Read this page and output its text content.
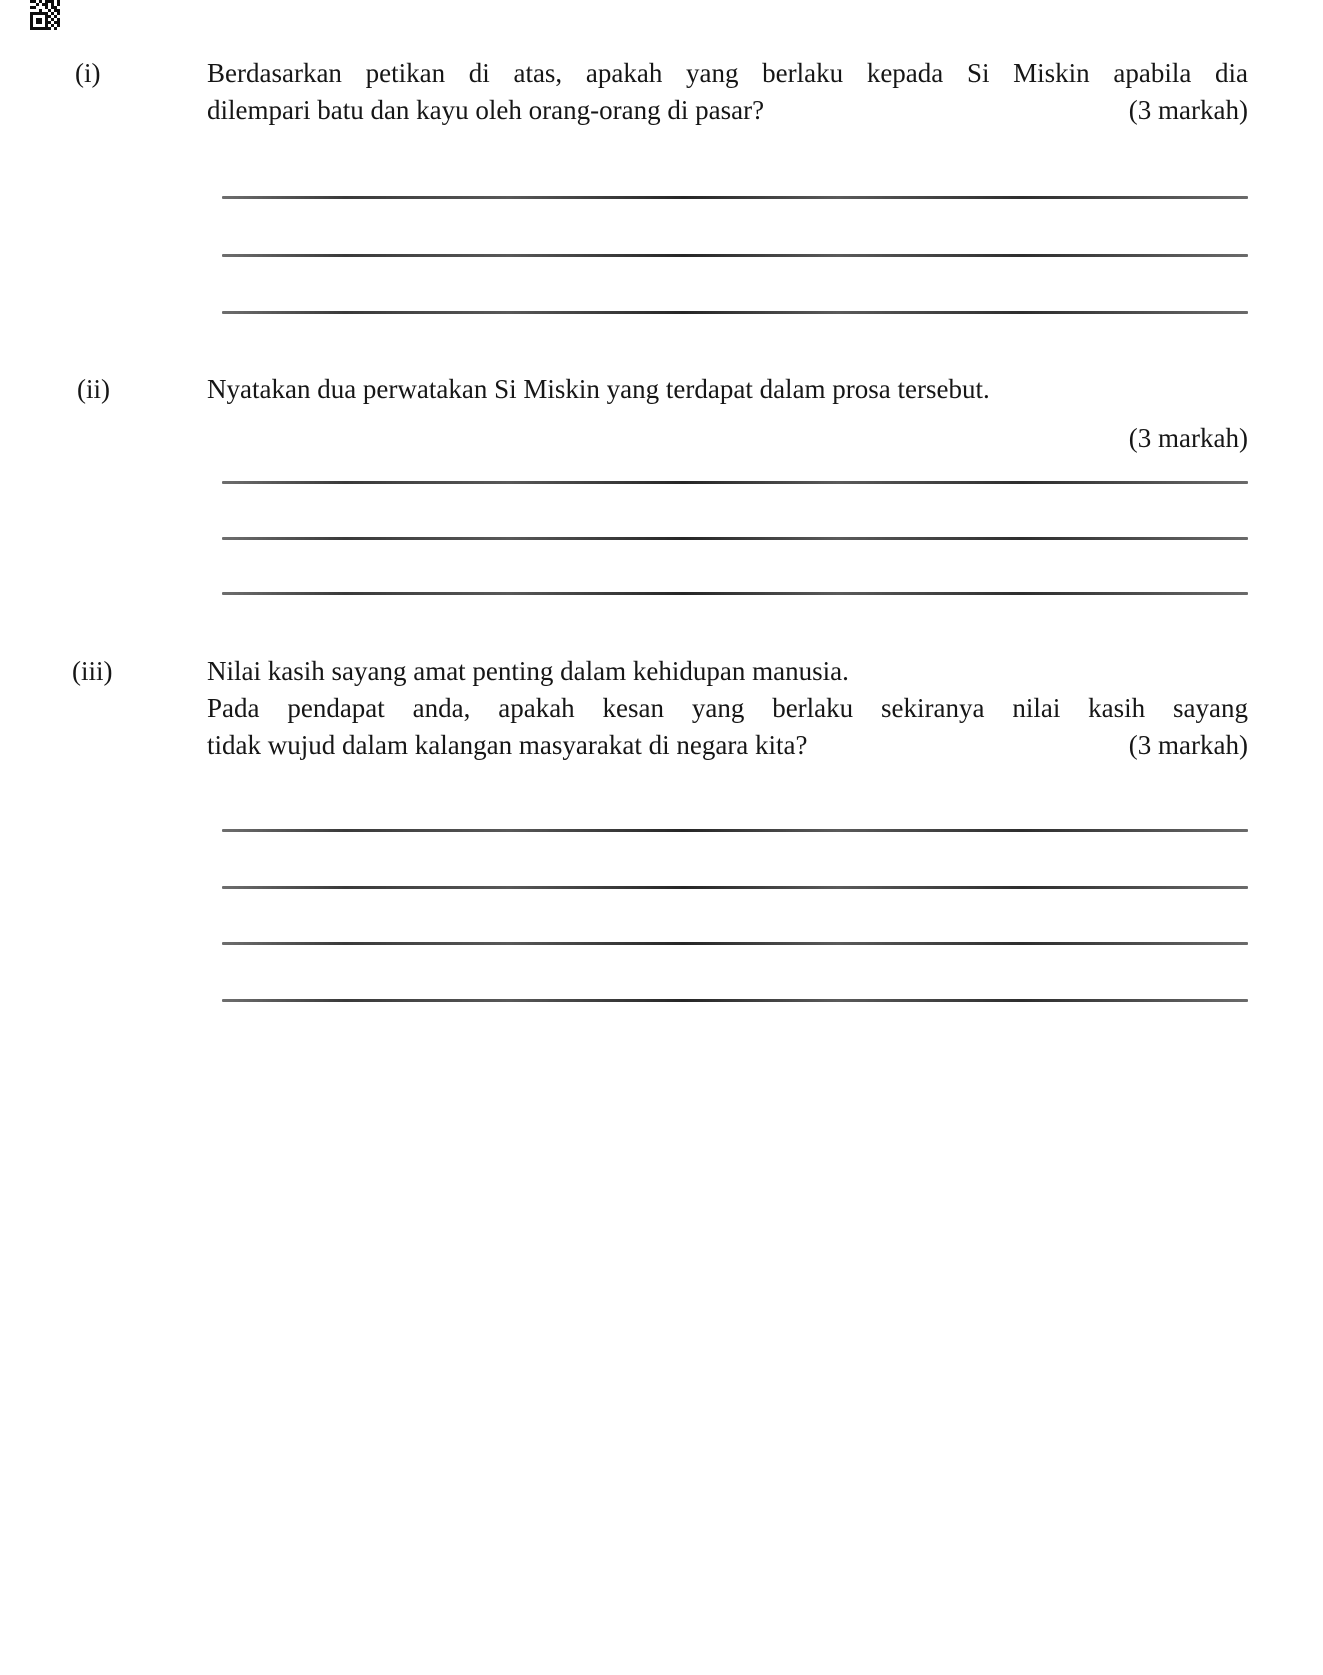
(i)	Berdasarkan petikan di atas, apakah yang berlaku kepada Si Miskin apabila dia
dilempari batu dan kayu oleh orang-orang di pasar?	(3 markah)
(ii)	Nyatakan dua perwatakan Si Miskin yang terdapat dalam prosa tersebut.
(3 markah)
(iii)	Nilai kasih sayang amat penting dalam kehidupan manusia.
Pada pendapat anda, apakah kesan yang berlaku sekiranya nilai kasih sayang
tidak wujud dalam kalangan masyarakat di negara kita?	(3 markah)
